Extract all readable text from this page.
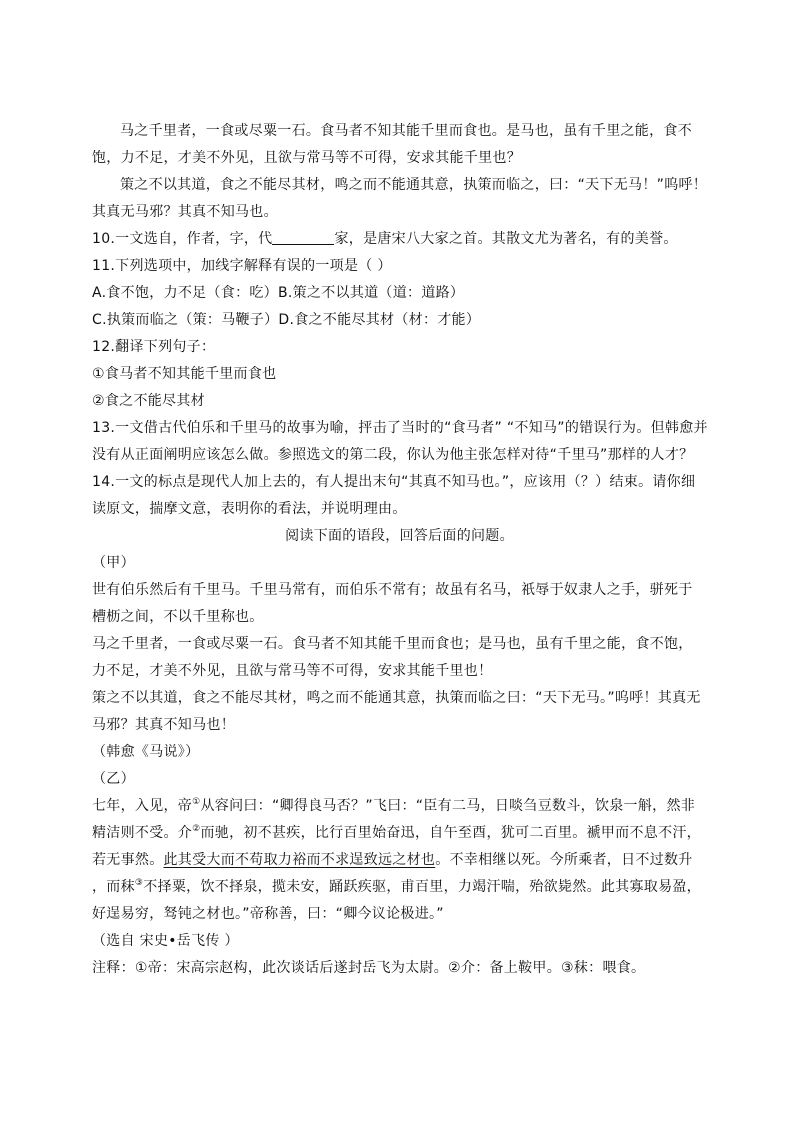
马之千里者，一食或尽粟一石。食马者不知其能千里而食也。是马也，虽有千里之能，食不
饱，力不足，才美不外见，且欲与常马等不可得，安求其能千里也？
策之不以其道，食之不能尽其材，鸣之而不能通其意，执策而临之，曰：“天下无马！”呜呼！
其真无马邪？其真不知马也。
10.一文选自，作者，字，代	家，是唐宋八大家之首。其散文尤为著名，有的美誉。
11.下列选项中，加线字解释有误的一项是（ ）
A.食不饱，力不足（食：吃）B.策之不以其道（道：道路）
C.执策而临之（策：马鞭子）D.食之不能尽其材（材：才能）
12.翻译下列句子：
①食马者不知其能千里而食也
②食之不能尽其材
13.一文借古代伯乐和千里马的故事为喻，抨击了当时的“食马者” “不知马”的错误行为。但韩愈并
没有从正面阐明应该怎么做。参照选文的第二段，你认为他主张怎样对待“千里马”那样的人才？
14.一文的标点是现代人加上去的，有人提出末句“其真不知马也。”，应该用（？）结束。请你细
读原文，揣摩文意，表明你的看法，并说明理由。
阅读下面的语段，回答后面的问题。
（甲）
世有伯乐然后有千里马。千里马常有，而伯乐不常有；故虽有名马，祇辱于奴隶人之手，骈死于
槽枥之间，不以千里称也。
马之千里者，一食或尽粟一石。食马者不知其能千里而食也；是马也，虽有千里之能，食不饱，
力不足，才美不外见，且欲与常马等不可得，安求其能千里也！
策之不以其道，食之不能尽其材，鸣之而不能通其意，执策而临之曰：“天下无马。”呜呼！其真无
马邪？其真不知马也！
（韩愈《马说》）
（乙）
七年，入见，帝①从容问曰：“卿得良马否？”飞曰：“臣有二马，日啖刍豆数斗，饮泉一斛，然非
精洁则不受。介②而驰，初不甚疾，比行百里始奋迅，自午至酉，犹可二百里。褫甲而不息不汗，
若无事然。此其受大而不苟取力裕而不求逞致远之材也。不幸相继以死。今所乘者，日不过数升
，而秣③不择粟，饮不择泉，揽未安，踊跃疾驱，甫百里，力竭汗喘，殆欲毙然。此其寡取易盈，
好逞易穷，驽钝之材也。”帝称善，曰：“卿今议论极进。”
（选自 宋史•岳飞传 ）
注释：①帝：宋高宗赵构，此次谈话后遂封岳飞为太尉。②介：备上鞍甲。③秣：喂食。
